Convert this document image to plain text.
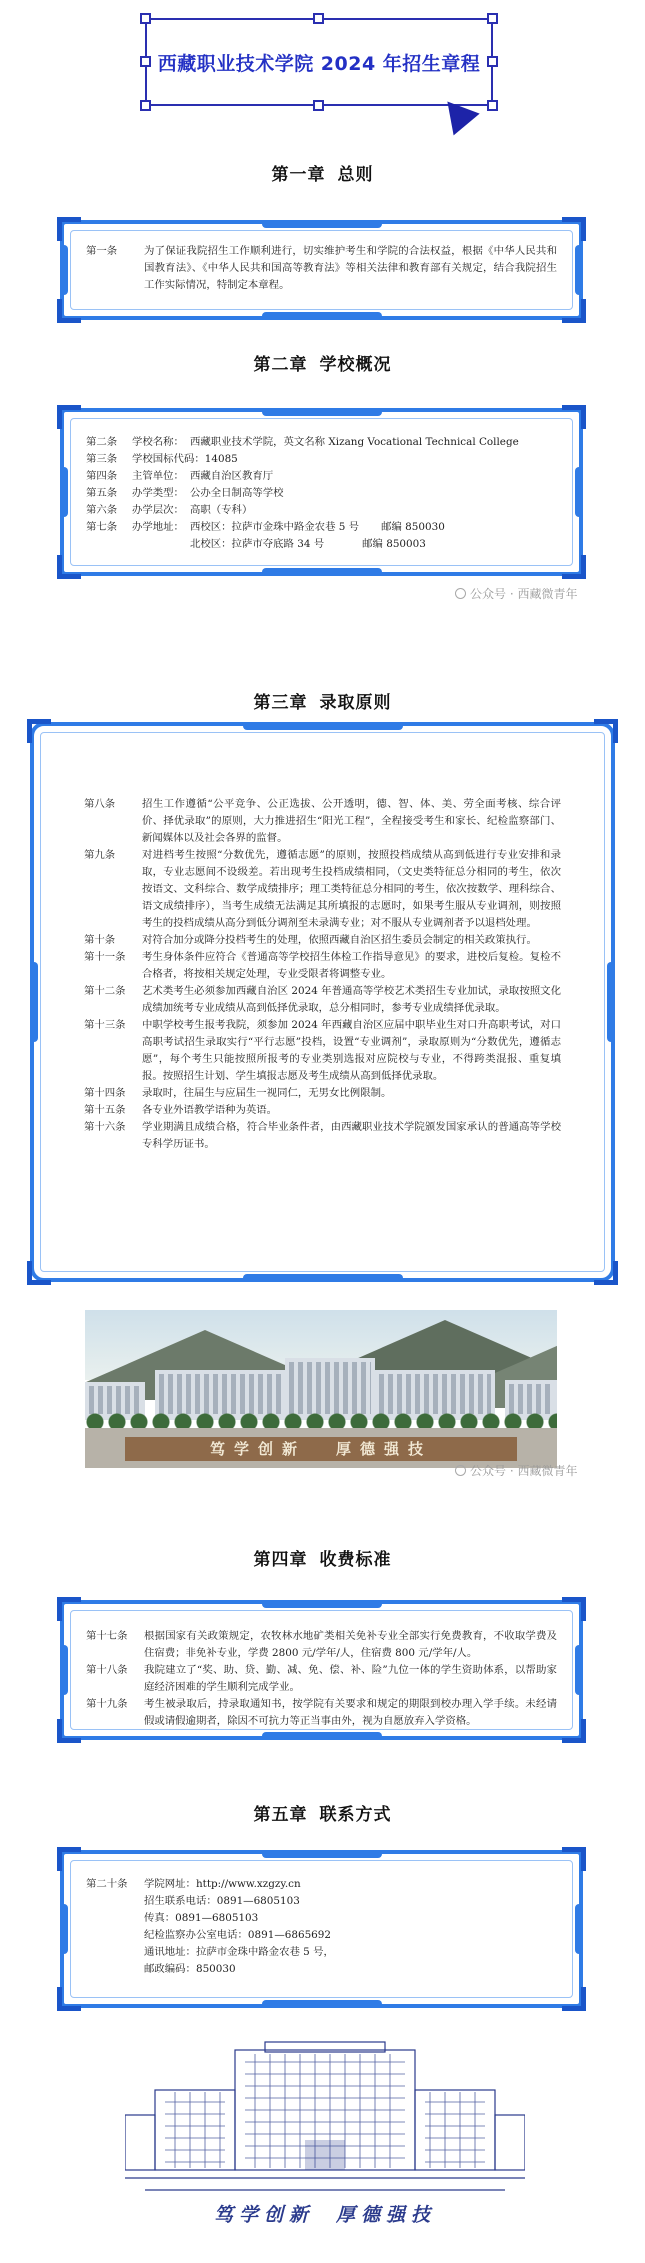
西藏职业技术学院 2024 年招生章程
第一章 总则
第一条	为了保证我院招生工作顺利进行，切实维护考生和学院的合法权益，根据《中华人民共和国教育法》、《中华人民共和国高等教育法》等相关法律和教育部有关规定，结合我院招生工作实际情况，特制定本章程。
第二章 学校概况
第二条	学校名称： 西藏职业技术学院，英文名称 Xizang Vocational Technical College
第三条	学校国标代码： 14085
第四条	主管单位： 西藏自治区教育厅
第五条	办学类型： 公办全日制高等学校
第六条	办学层次： 高职（专科）
第七条	办学地址： 西校区：拉萨市金珠中路金农巷 5 号 邮编 850030
北校区：拉萨市夺底路 34 号	邮编 850003
公众号 · 西藏微青年
第三章 录取原则
第八条	招生工作遵循“公平竞争、公正选拔、公开透明，德、智、体、美、劳全面考核、综合评价、择优录取”的原则，大力推进招生“阳光工程”，全程接受考生和家长、纪检监察部门、新闻媒体以及社会各界的监督。
第九条	对进档考生按照“分数优先，遵循志愿”的原则，按照投档成绩从高到低进行专业安排和录取，专业志愿间不设级差。若出现考生投档成绩相同，（文史类特征总分相同的考生，依次按语文、文科综合、数学成绩排序；理工类特征总分相同的考生，依次按数学、理科综合、语文成绩排序），当考生成绩无法满足其所填报的志愿时，如果考生服从专业调剂，则按照考生的投档成绩从高分到低分调剂至未录满专业；对不服从专业调剂者予以退档处理。
第十条	对符合加分或降分投档考生的处理，依照西藏自治区招生委员会制定的相关政策执行。
第十一条	考生身体条件应符合《普通高等学校招生体检工作指导意见》的要求，进校后复检。复检不合格者，将按相关规定处理，专业受限者将调整专业。
第十二条	艺术类考生必须参加西藏自治区 2024 年普通高等学校艺术类招生专业加试，录取按照文化成绩加统考专业成绩从高到低择优录取，总分相同时，参考专业成绩择优录取。
第十三条	中职学校考生报考我院，须参加 2024 年西藏自治区应届中职毕业生对口升高职考试，对口高职考试招生录取实行“平行志愿”投档，设置“专业调剂”，录取原则为“分数优先，遵循志愿”，每个考生只能按照所报考的专业类别选报对应院校与专业，不得跨类混报、重复填报。按照招生计划、学生填报志愿及考生成绩从高到低择优录取。
第十四条	录取时，往届生与应届生一视同仁，无男女比例限制。
第十五条	各专业外语教学语种为英语。
第十六条	学业期满且成绩合格，符合毕业条件者，由西藏职业技术学院颁发国家承认的普通高等学校专科学历证书。
笃学创新 厚德强技
公众号 · 西藏微青年
第四章 收费标准
第十七条	根据国家有关政策规定，农牧林水地矿类相关免补专业全部实行免费教育，不收取学费及住宿费；非免补专业，学费 2800 元/学年/人，住宿费 800 元/学年/人。
第十八条	我院建立了“奖、助、贷、勤、减、免、偿、补、险”九位一体的学生资助体系，以帮助家庭经济困难的学生顺利完成学业。
第十九条	考生被录取后，持录取通知书，按学院有关要求和规定的期限到校办理入学手续。未经请假或请假逾期者，除因不可抗力等正当事由外，视为自愿放弃入学资格。
第五章 联系方式
第二十条	学院网址：http://www.xzgzy.cn
招生联系电话：0891—6805103
传真：0891—6805103
纪检监察办公室电话：0891—6865692
通讯地址：拉萨市金珠中路金农巷 5 号，
邮政编码：850030
笃学创新 厚德强技
